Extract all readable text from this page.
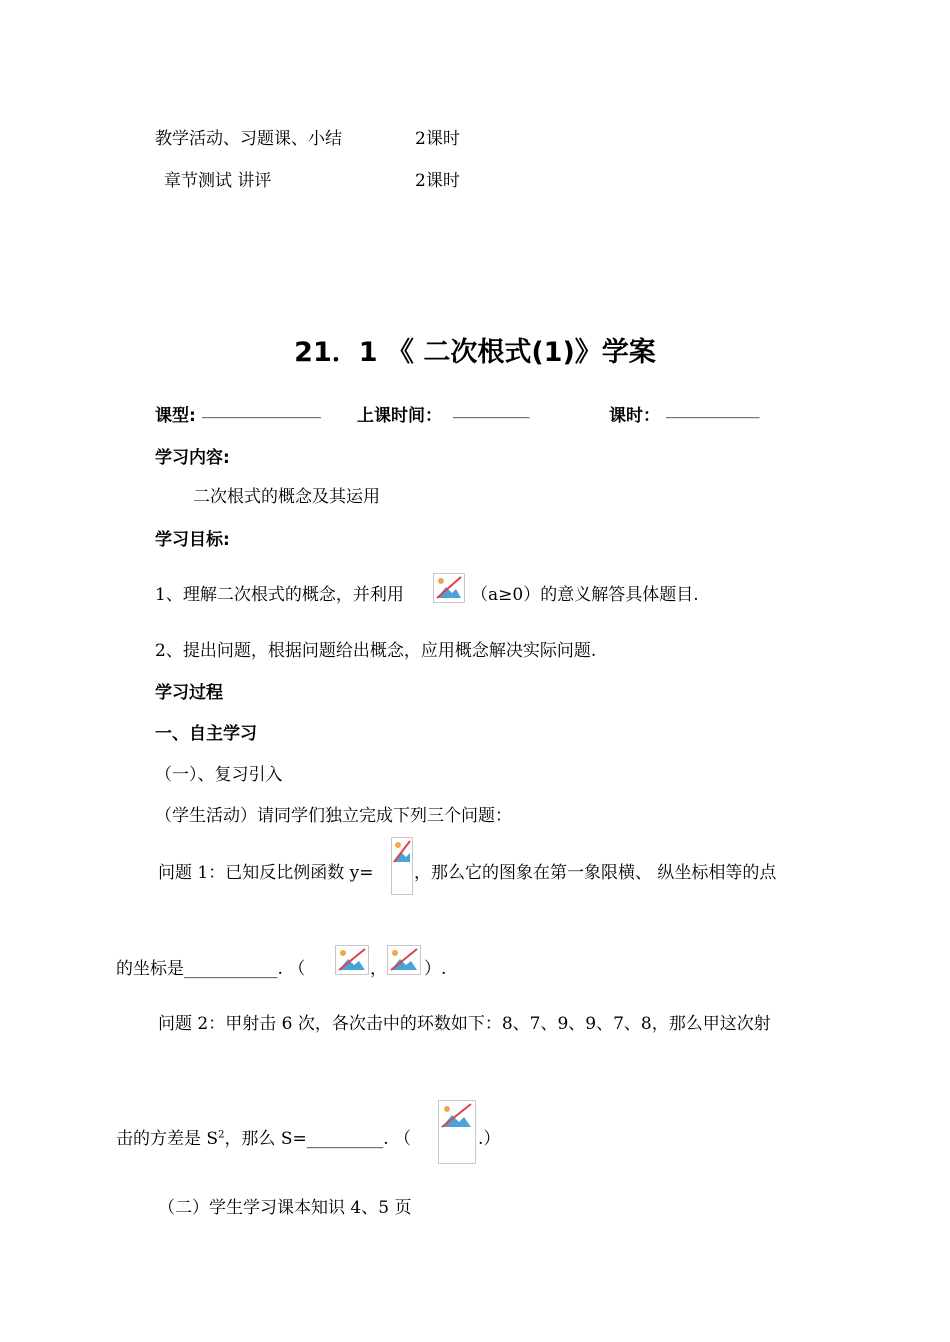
教学活动、习题课、小结	2课时
章节测试 讲评	2课时
21．1 《 二次根式(1)》学案
课型: ______________ 上课时间： _________	课时： ___________
学习内容:
二次根式的概念及其运用
学习目标:
1、理解二次根式的概念，并利用	（a≥0）的意义解答具体题目.
2、提出问题，根据问题给出概念，应用概念解决实际问题.
学习过程
一、自主学习
（一）、复习引入
（学生活动）请同学们独立完成下列三个问题：
问题 1：已知反比例函数 y= ，那么它的图象在第一象限横、 纵坐标相等的点
的坐标是___________. （	， ）.
问题 2：甲射击 6 次，各次击中的环数如下：8、7、9、9、7、8，那么甲这次射
击的方差是 $S^2$，那么 S=_________. （	.）
（二）学生学习课本知识 4、5 页
